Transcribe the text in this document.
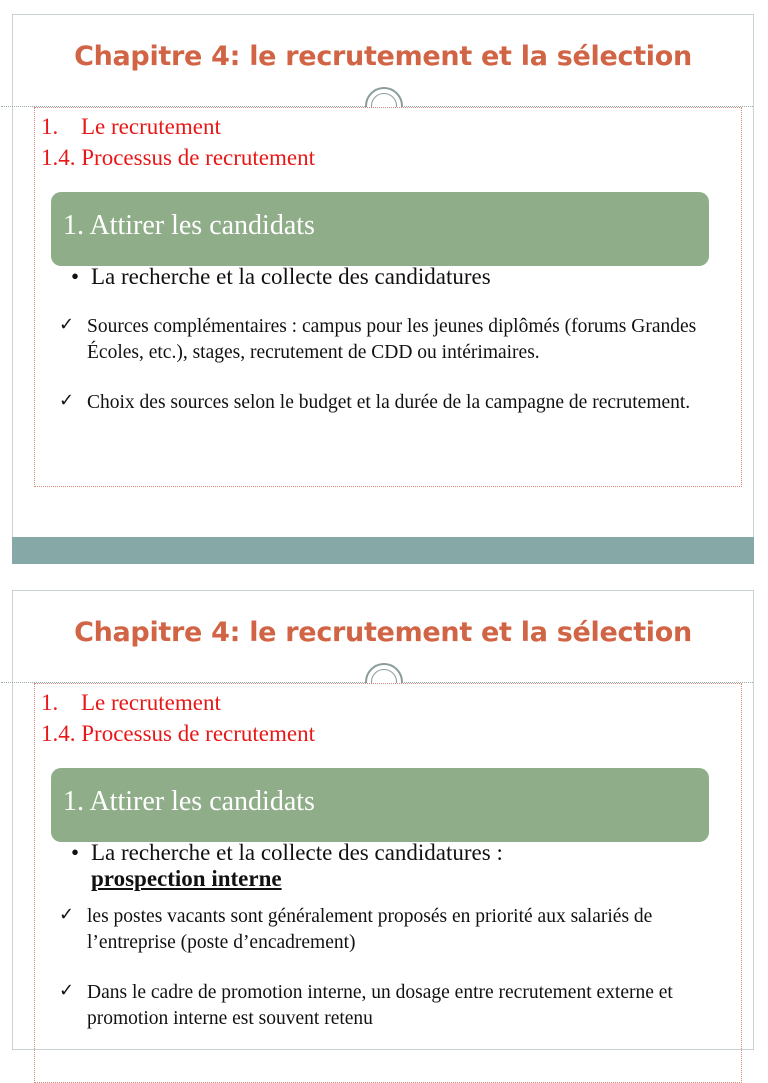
Chapitre 4: le recrutement et la sélection
1. Le recrutement
1.4. Processus de recrutement
1. Attirer les candidats
• La recherche et la collecte des candidatures
✓ Sources complémentaires : campus pour les jeunes diplômés (forums Grandes Écoles, etc.), stages, recrutement de CDD ou intérimaires.
✓ Choix des sources selon le budget et la durée de la campagne de recrutement.
Chapitre 4: le recrutement et la sélection
1. Le recrutement
1.4. Processus de recrutement
1. Attirer les candidats
• La recherche et la collecte des candidatures :
prospection interne
✓ les postes vacants sont généralement proposés en priorité aux salariés de l’entreprise (poste d’encadrement)
✓ Dans le cadre de promotion interne, un dosage entre recrutement externe et promotion interne est souvent retenu
